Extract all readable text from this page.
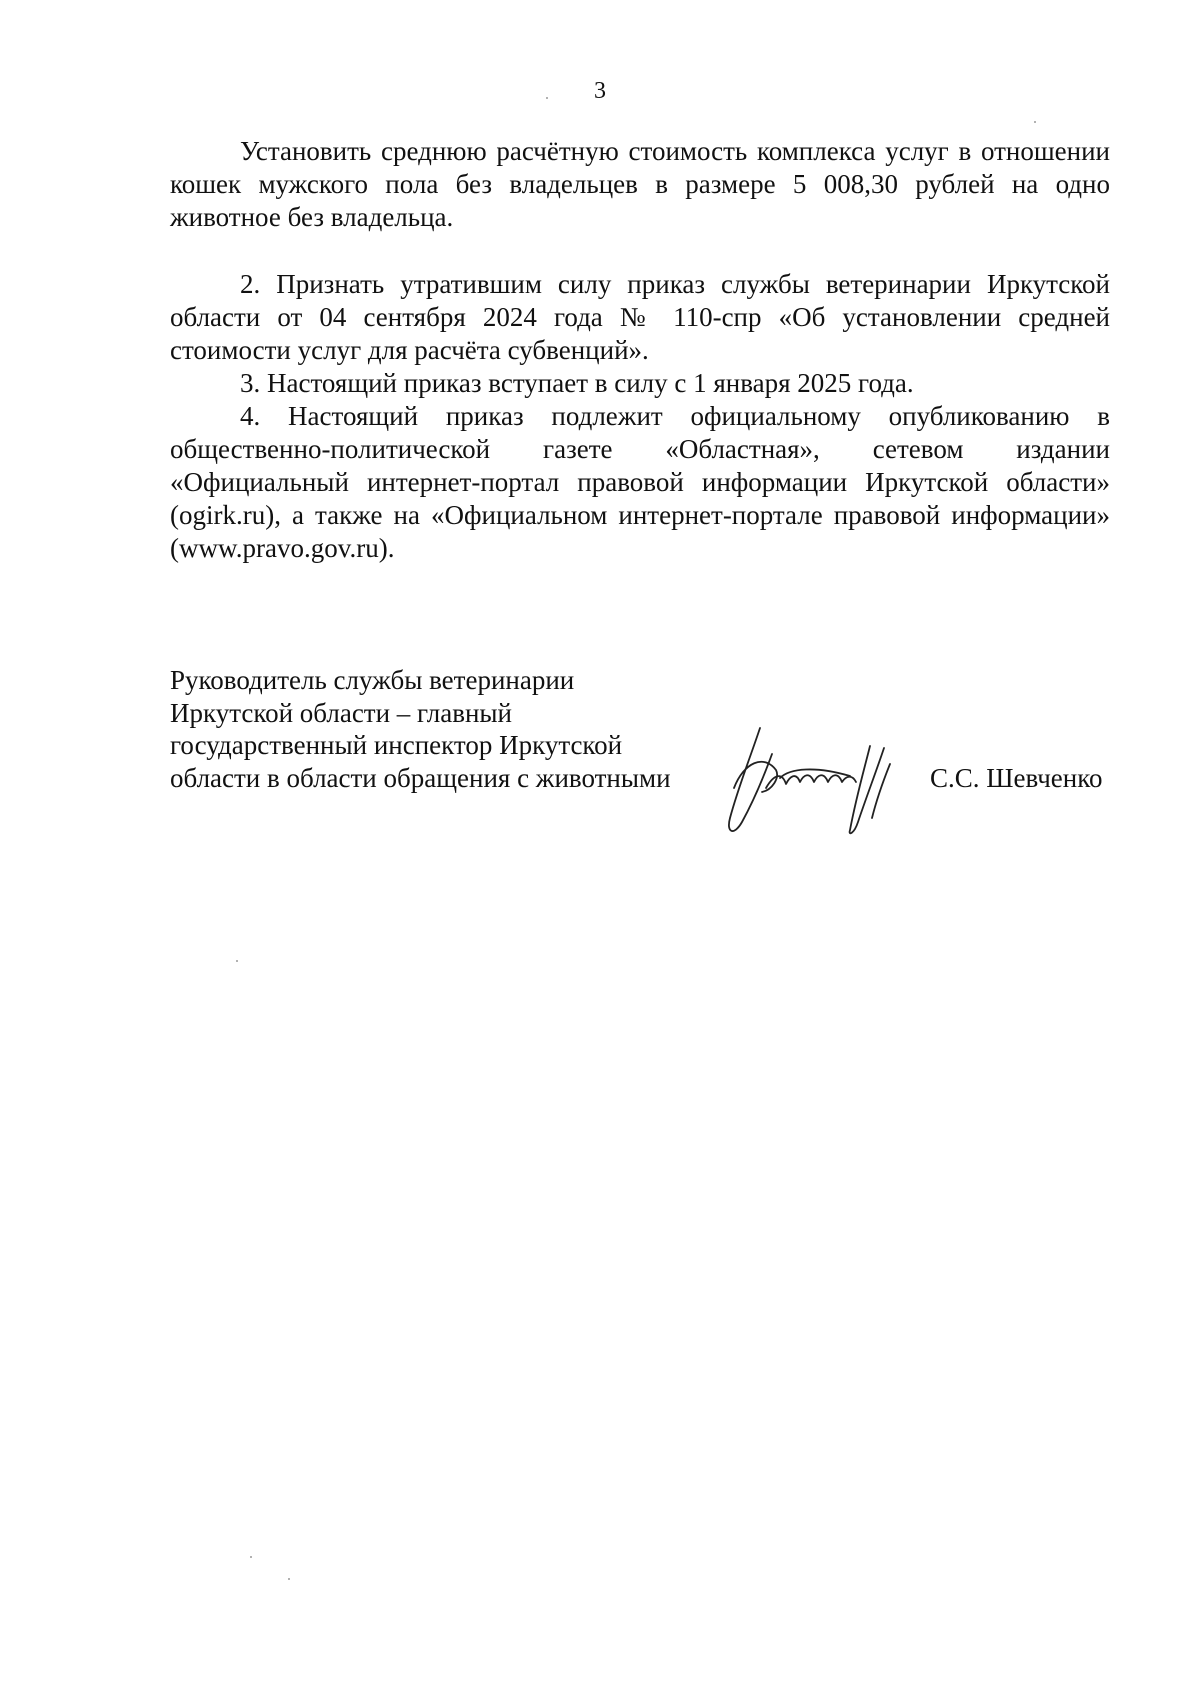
3

Установить среднюю расчётную стоимость комплекса услуг в отношении кошек мужского пола без владельцев в размере 5 008,30 рублей на одно животное без владельца.

2. Признать утратившим силу приказ службы ветеринарии Иркутской области от 04 сентября 2024 года № 110-спр «Об установлении средней стоимости услуг для расчёта субвенций».

3. Настоящий приказ вступает в силу с 1 января 2025 года.

4. Настоящий приказ подлежит официальному опубликованию в общественно-политической газете «Областная», сетевом издании «Официальный интернет-портал правовой информации Иркутской области» (ogirk.ru), а также на «Официальном интернет-портале правовой информации» (www.pravo.gov.ru).

Руководитель службы ветеринарии
Иркутской области – главный
государственный инспектор Иркутской
области в области обращения с животными	С.С. Шевченко
